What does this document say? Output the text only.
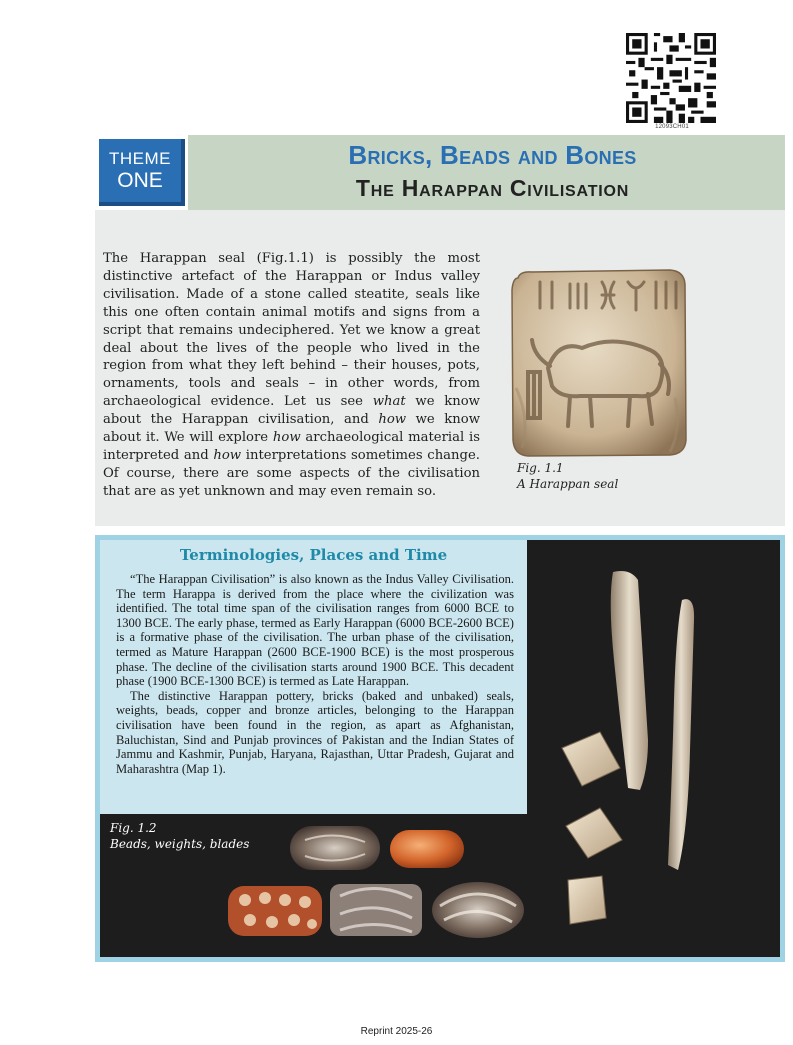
12093CH01
THEME
ONE
Bricks, Beads and Bones
The Harappan Civilisation

The Harappan seal (Fig.1.1) is possibly the most distinctive artefact of the Harappan or Indus valley civilisation. Made of a stone called steatite, seals like this one often contain animal motifs and signs from a script that remains undeciphered. Yet we know a great deal about the lives of the people who lived in the region from what they left behind – their houses, pots, ornaments, tools and seals – in other words, from archaeological evidence. Let us see what we know about the Harappan civilisation, and how we know about it. We will explore how archaeological material is interpreted and how interpretations sometimes change. Of course, there are some aspects of the civilisation that are as yet unknown and may even remain so.

Fig. 1.1
A Harappan seal
Terminologies, Places and Time

“The Harappan Civilisation” is also known as the Indus Valley Civilisation. The term Harappa is derived from the place where the civilization was identified. The total time span of the civilisation ranges from 6000 BCE to 1300 BCE. The early phase, termed as Early Harappan (6000 BCE-2600 BCE) is a formative phase of the civilisation. The urban phase of the civilisation, termed as Mature Harappan (2600 BCE-1900 BCE) is the most prosperous phase. The decline of the civilisation starts around 1900 BCE. This decadent phase (1900 BCE-1300 BCE) is termed as Late Harappan.

The distinctive Harappan pottery, bricks (baked and unbaked) seals, weights, beads, copper and bronze articles, belonging to the Harappan civilisation have been found in the region, as apart as Afghanistan, Baluchistan, Sind and Punjab provinces of Pakistan and the Indian States of Jammu and Kashmir, Punjab, Haryana, Rajasthan, Uttar Pradesh, Gujarat and Maharashtra (Map 1).

Fig. 1.2
Beads, weights, blades
Reprint 2025-26
